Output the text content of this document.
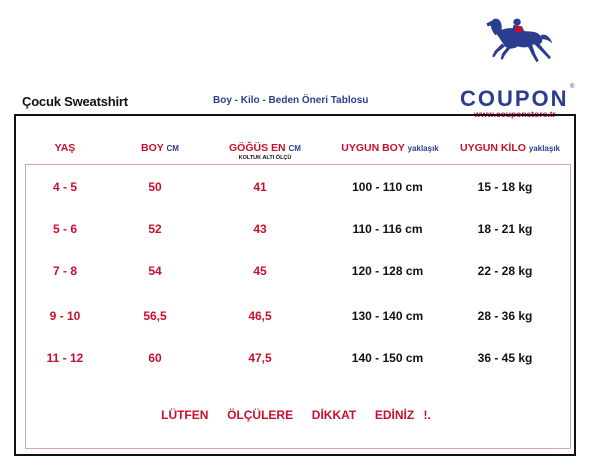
Çocuk Sweatshirt	Boy - Kilo - Beden Öneri Tablosu	COUPON ®
www.couponstore.tr
YAŞ	BOY CM	GÖĞÜS EN CM
KOLTUK ALTI ÖLÇÜ
UYGUN BOY yaklaşık	UYGUN KİLO yaklaşık
4 - 5	50	41	100 - 110 cm	15 - 18 kg
5 - 6	52	43	110 - 116 cm	18 - 21 kg
7 - 8	54	45	120 - 128 cm	22 - 28 kg
9 - 10	56,5	46,5	130 - 140 cm	28 - 36 kg
11 - 12	60	47,5	140 - 150 cm	36 - 45 kg
LÜTFEN  ÖLÇÜLERE  DİKKAT  EDİNİZ !.
